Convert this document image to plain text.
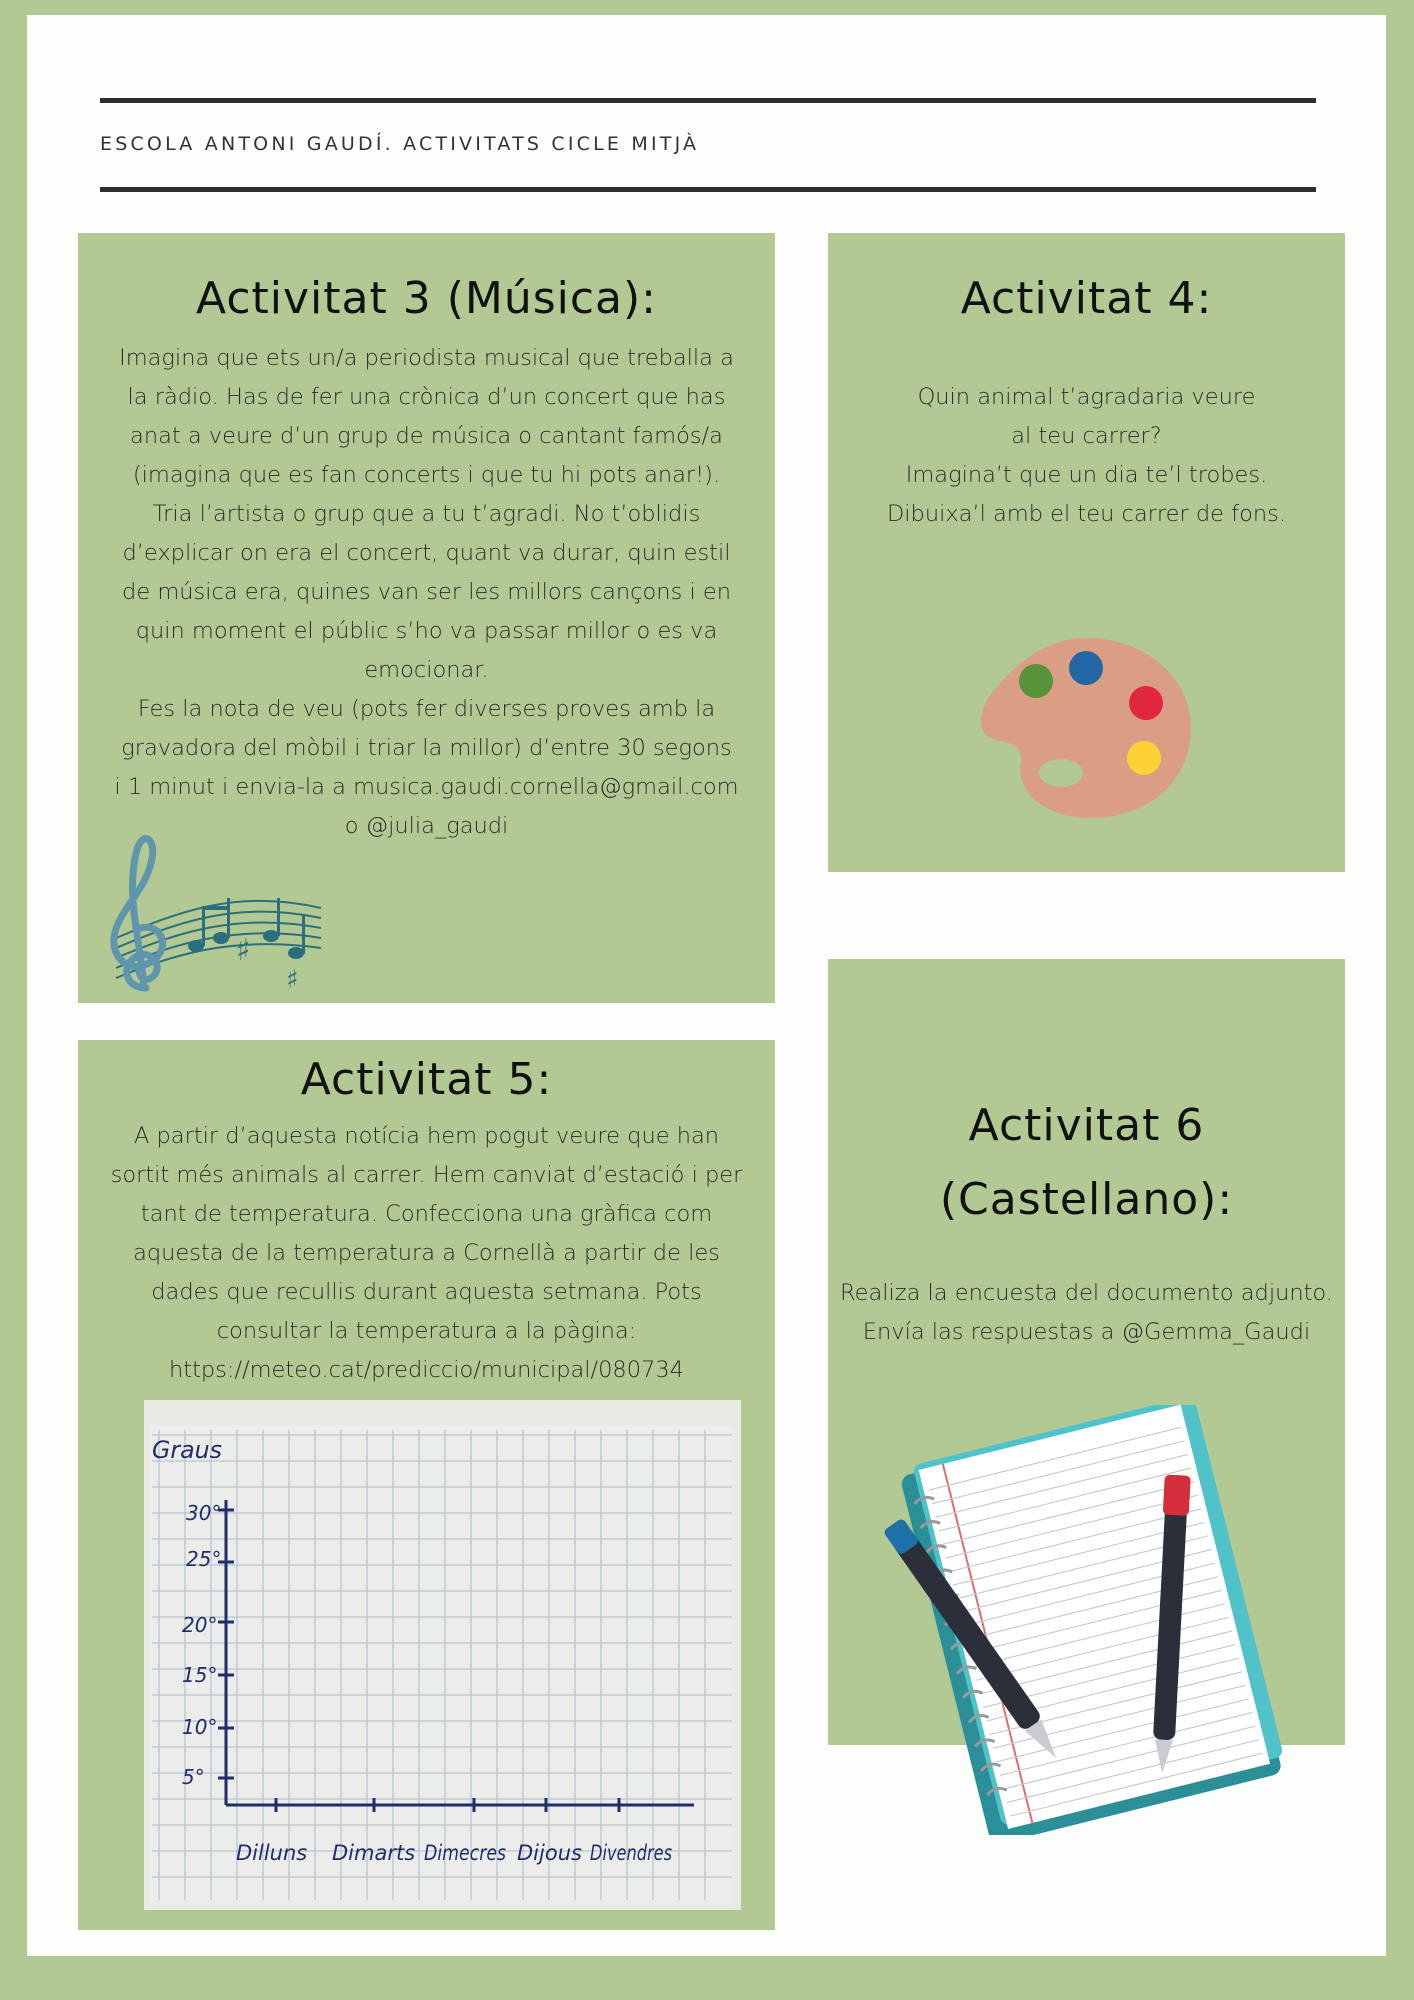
ESCOLA ANTONI GAUDÍ. ACTIVITATS CICLE MITJÀ
Activitat 3 (Música):

Imagina que ets un/a periodista musical que treballa a
la ràdio. Has de fer una crònica d’un concert que has
anat a veure d’un grup de música o cantant famós/a
(imagina que es fan concerts i que tu hi pots anar!).
Tria l’artista o grup que a tu t’agradi. No t’oblidis
d’explicar on era el concert, quant va durar, quin estil
de música era, quines van ser les millors cançons i en
quin moment el públic s’ho va passar millor o es va
emocionar.
Fes la nota de veu (pots fer diverses proves amb la
gravadora del mòbil i triar la millor) d’entre 30 segons
i 1 minut i envia-la a musica.gaudi.cornella@gmail.com
o @julia_gaudi

♯
♯
Activitat 4:

Quin animal t’agradaria veure
al teu carrer?
Imagina’t que un dia te’l trobes.
Dibuixa’l amb el teu carrer de fons.

Activitat 5:

A partir d’aquesta notícia hem pogut veure que han
sortit més animals al carrer. Hem canviat d’estació i per
tant de temperatura. Confecciona una gràfica com
aquesta de la temperatura a Cornellà a partir de les
dades que recullis durant aquesta setmana. Pots
consultar la temperatura a la pàgina:
https://meteo.cat/prediccio/municipal/080734

Graus
30°
25°
20°
15°
10°
5°
Dilluns Dimarts Dimecres Dijous Divendres
Activitat 6
(Castellano):

Realiza la encuesta del documento adjunto.
Envía las respuestas a @Gemma_Gaudi
